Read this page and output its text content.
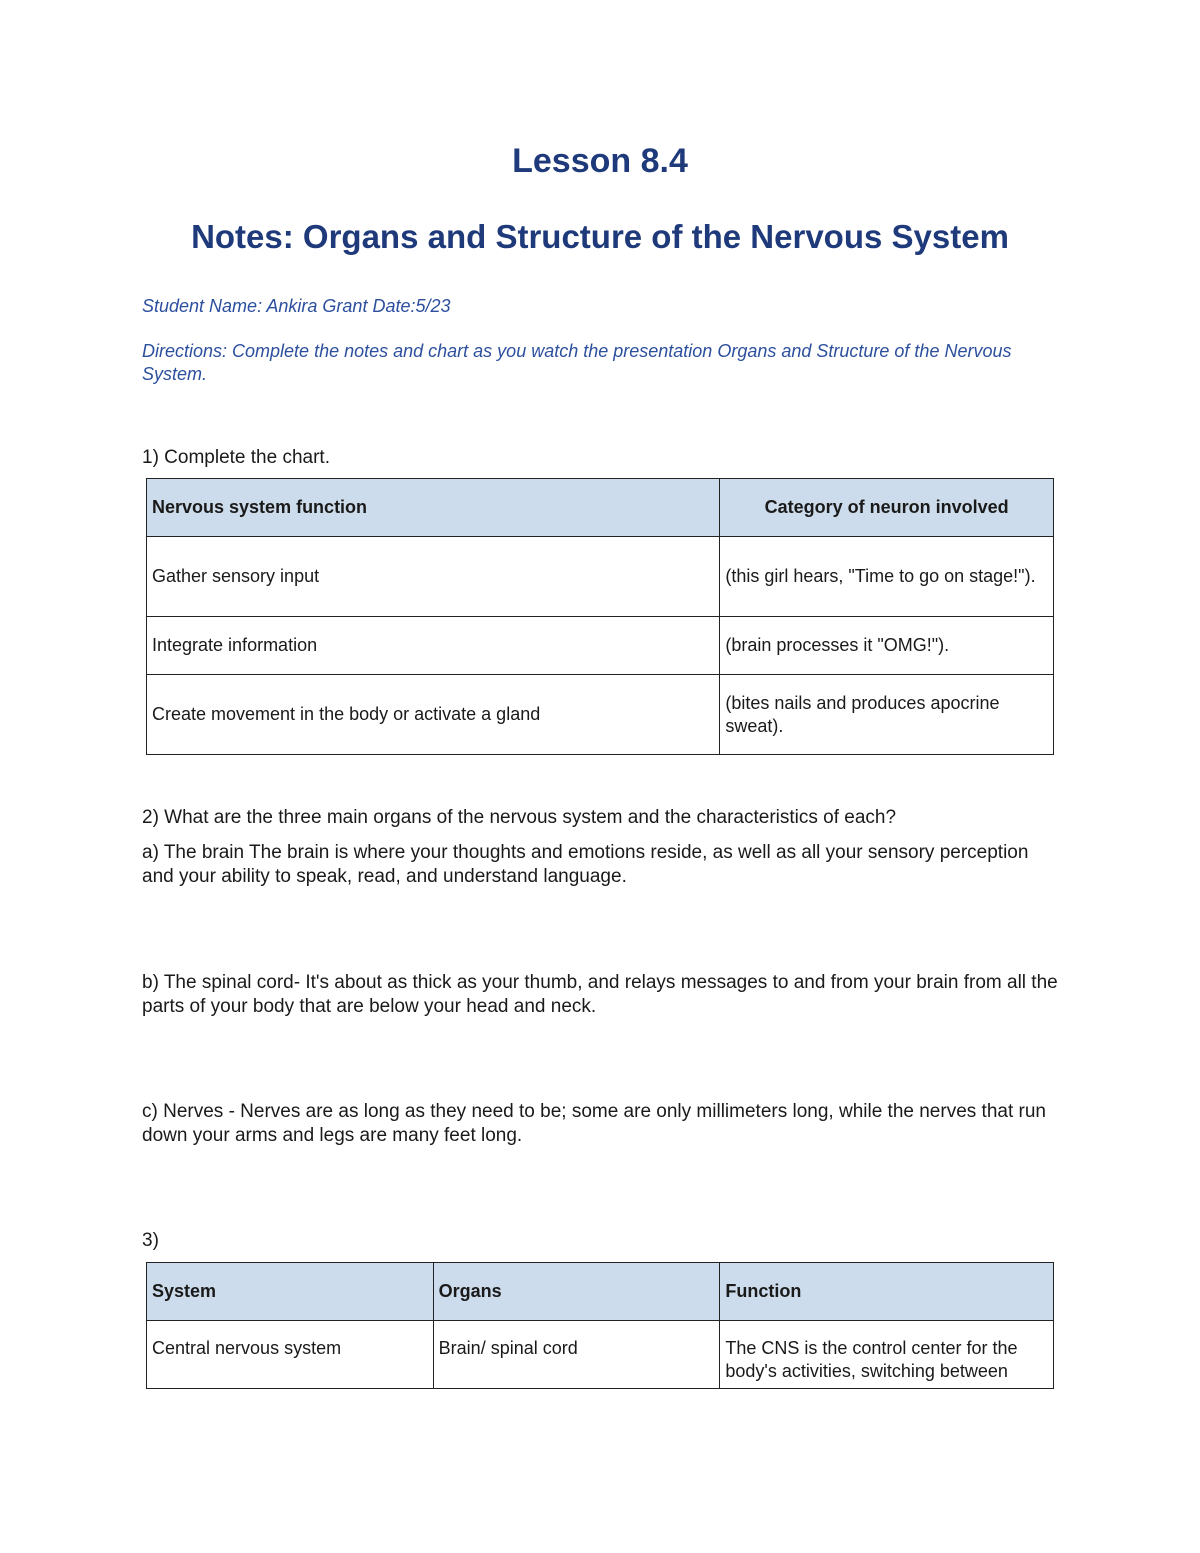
Lesson 8.4
Notes: Organs and Structure of the Nervous System

Student Name: Ankira Grant Date:5/23

Directions: Complete the notes and chart as you watch the presentation Organs and Structure of the Nervous System.

1) Complete the chart.

Nervous system function	Category of neuron involved
Gather sensory input	(this girl hears, "Time to go on stage!").
Integrate information	(brain processes it "OMG!").
Create movement in the body or activate a gland	(bites nails and produces apocrine sweat).

2) What are the three main organs of the nervous system and the characteristics of each?

a) The brain The brain is where your thoughts and emotions reside, as well as all your sensory perception and your ability to speak, read, and understand language.

b) The spinal cord- It's about as thick as your thumb, and relays messages to and from your brain from all the parts of your body that are below your head and neck.

c) Nerves - Nerves are as long as they need to be; some are only millimeters long, while the nerves that run down your arms and legs are many feet long.

3)

System	Organs	Function
Central nervous system	Brain/ spinal cord	The CNS is the control center for the body's activities, switching between
